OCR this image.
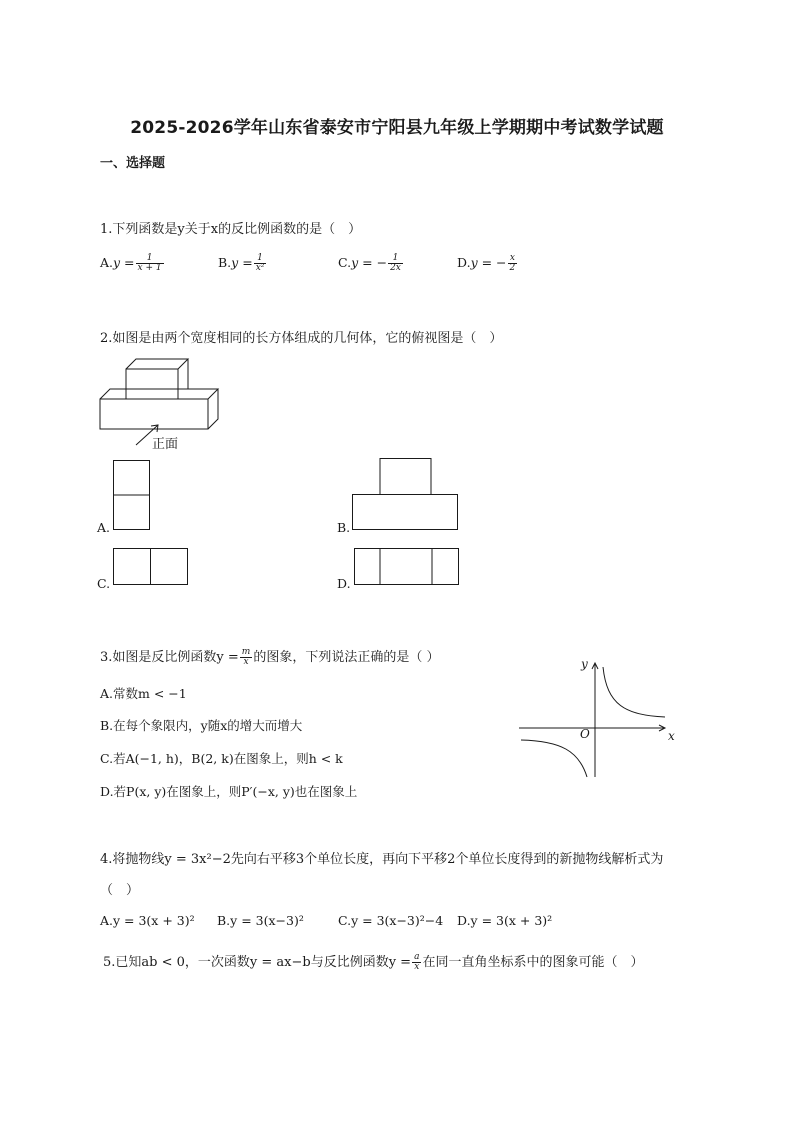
2025-2026学年山东省泰安市宁阳县九年级上学期期中考试数学试题
一、选择题
1.下列函数是y关于x的反比例函数的是（　）
$A.y = \frac{1}{x + 1}$	$B.y = \frac{1}{\text{x²}}$	C.y = − $\frac{1}{2x}$	D.y = − $\frac{x}{2}$
2.如图是由两个宽度相同的长方体组成的几何体，它的俯视图是（　）
正面
A.	B.
C.	D.
3.如图是反比例函数$y = \frac{m}{x}$ 的图象，下列说法正确的是（ ）
A.常数m < −1
B.在每个象限内，y随x的增大而增大
C.若A(−1, h)，B(2, k)在图象上，则h < k
D.若P(x, y)在图象上，则P′(−x, y)也在图象上
y
x
O
4.将抛物线y = 3x²−2先向右平移3个单位长度，再向下平移2个单位长度得到的新抛物线解析式为
（　）
A.y = 3(x + 3)² B.y = 3(x−3)²	C.y = 3(x−3)²−4 D.y = 3(x + 3)²
5.已知ab < 0，一次函数y = ax−b与反比例函数$y = \frac{a}{x}$ 在同一直角坐标系中的图象可能（　）
